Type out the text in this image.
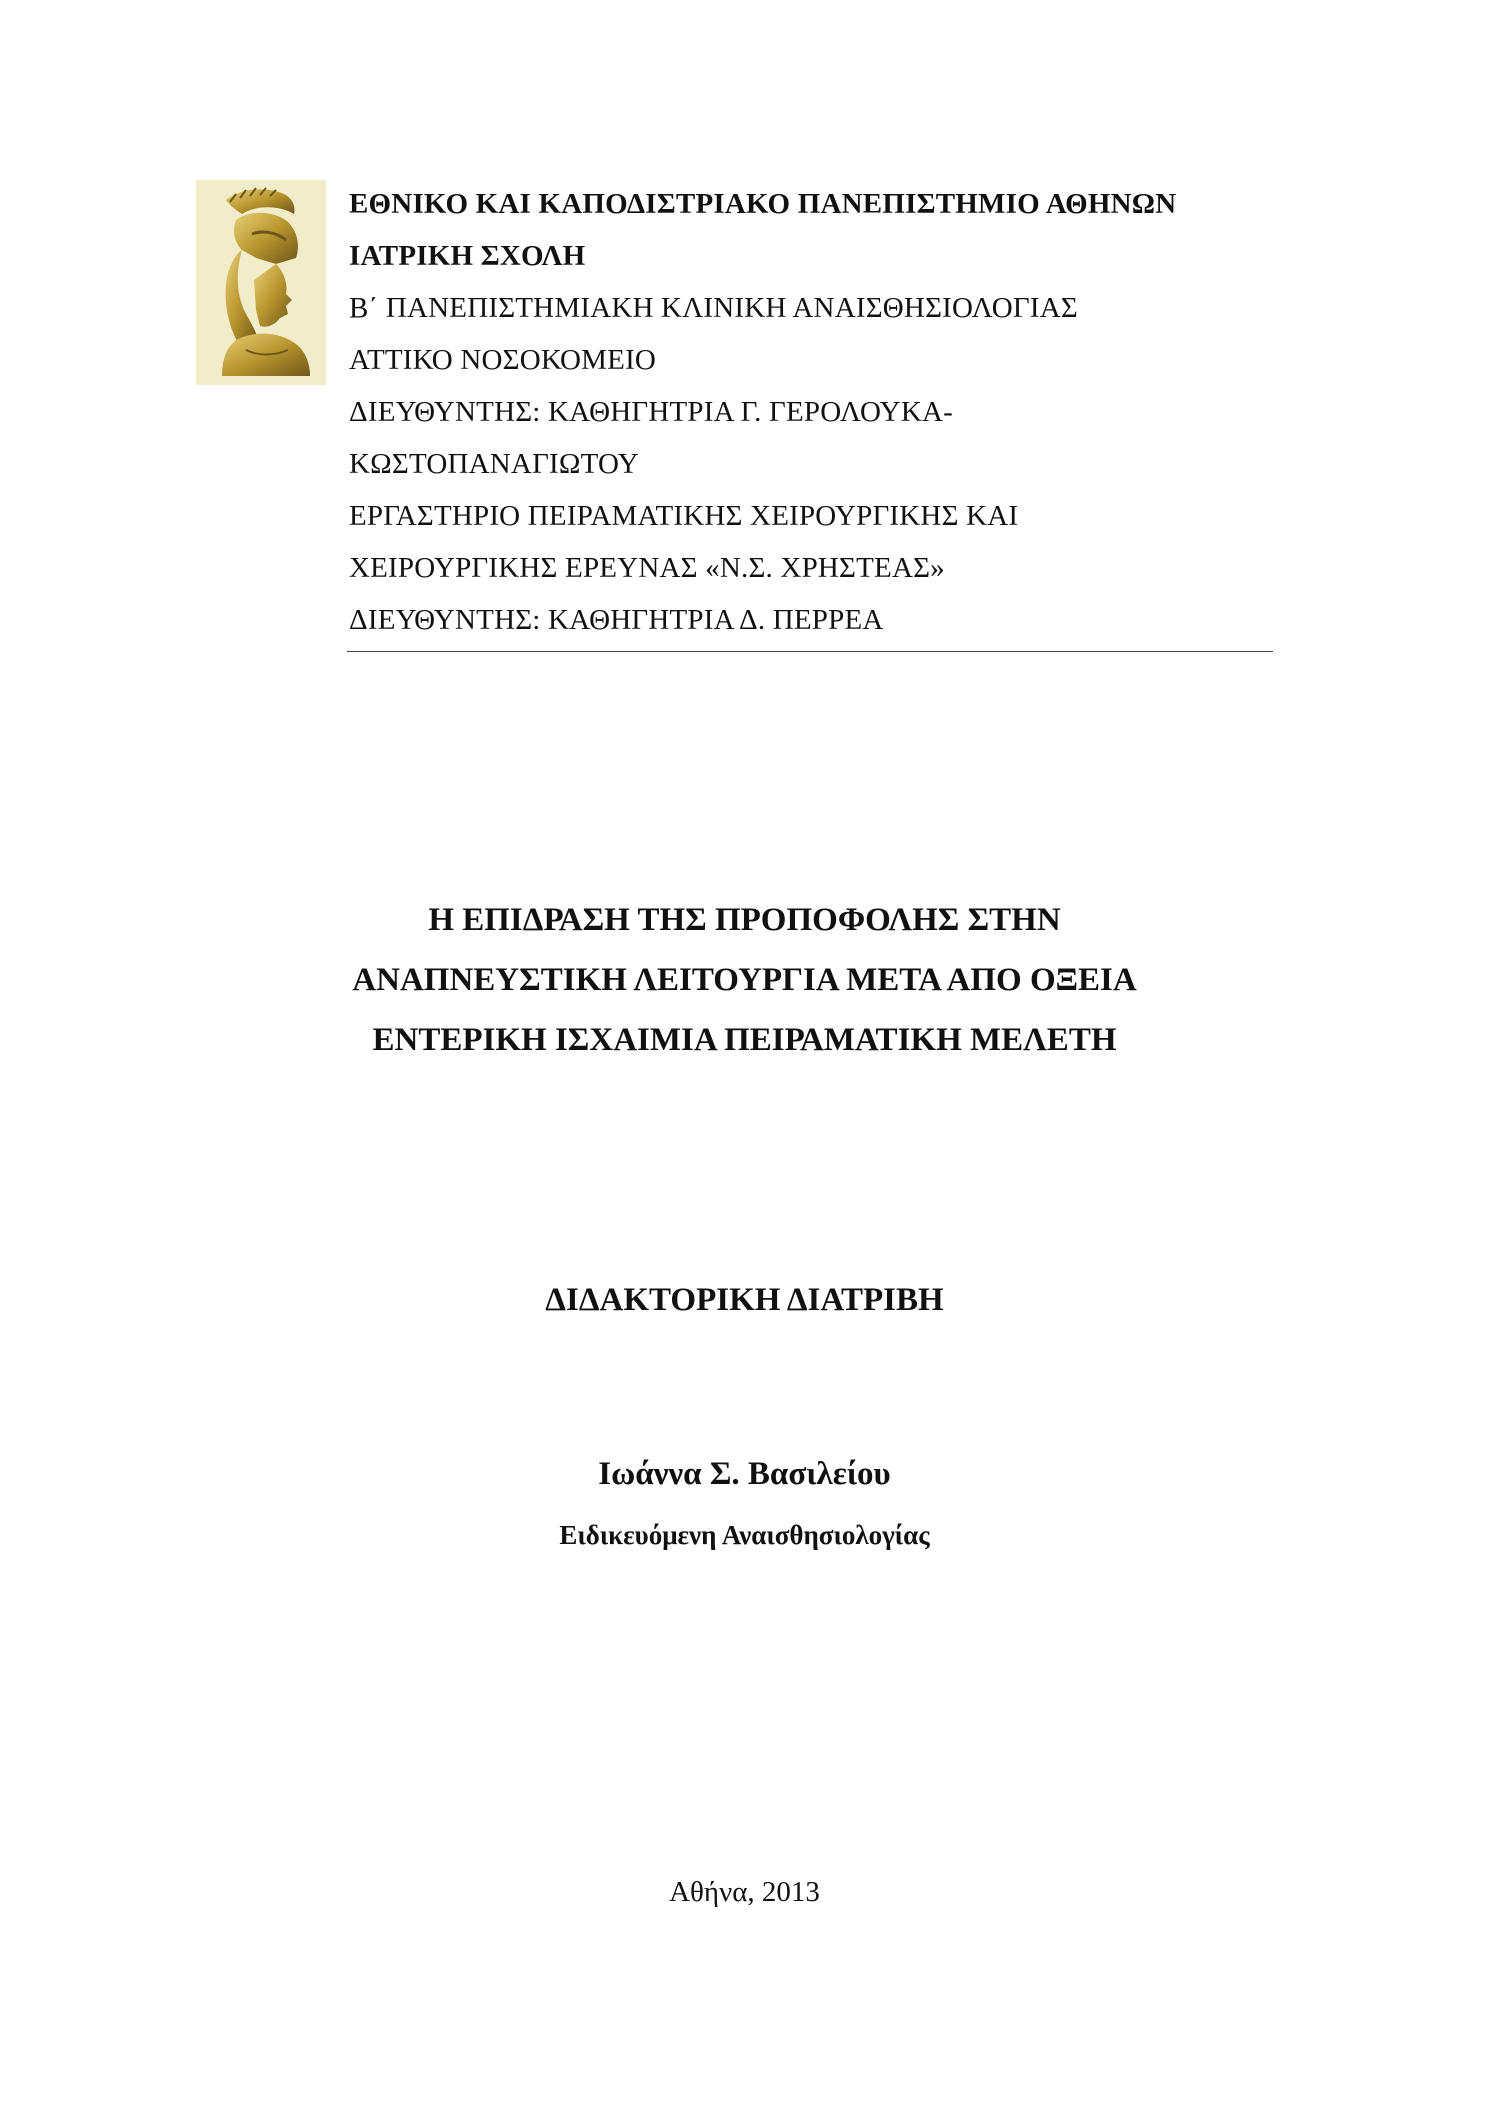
ΕΘΝΙΚΟ ΚΑΙ ΚΑΠΟΔΙΣΤΡΙΑΚΟ ΠΑΝΕΠΙΣΤΗΜΙΟ ΑΘΗΝΩΝ
ΙΑΤΡΙΚΗ ΣΧΟΛΗ
Β΄ ΠΑΝΕΠΙΣΤΗΜΙΑΚΗ ΚΛΙΝΙΚΗ ΑΝΑΙΣΘΗΣΙΟΛΟΓΙΑΣ
ΑΤΤΙΚΟ ΝΟΣΟΚΟΜΕΙΟ
ΔΙΕΥΘΥΝΤΗΣ: ΚΑΘΗΓΗΤΡΙΑ Γ. ΓΕΡΟΛΟΥΚΑ-
ΚΩΣΤΟΠΑΝΑΓΙΩΤΟΥ
ΕΡΓΑΣΤΗΡΙΟ ΠΕΙΡΑΜΑΤΙΚΗΣ ΧΕΙΡΟΥΡΓΙΚΗΣ ΚΑΙ
ΧΕΙΡΟΥΡΓΙΚΗΣ ΕΡΕΥΝΑΣ «Ν.Σ. ΧΡΗΣΤΕΑΣ»
ΔΙΕΥΘΥΝΤΗΣ: ΚΑΘΗΓΗΤΡΙΑ Δ. ΠΕΡΡΕΑ
Η ΕΠΙΔΡΑΣΗ ΤΗΣ ΠΡΟΠΟΦΟΛΗΣ ΣΤΗΝ
ΑΝΑΠΝΕΥΣΤΙΚΗ ΛΕΙΤΟΥΡΓΙΑ ΜΕΤΑ ΑΠΟ ΟΞΕΙΑ
ΕΝΤΕΡΙΚΗ ΙΣΧΑΙΜΙΑ ΠΕΙΡΑΜΑΤΙΚΗ ΜΕΛΕΤΗ
ΔΙΔΑΚΤΟΡΙΚΗ ΔΙΑΤΡΙΒΗ
Ιωάννα Σ. Βασιλείου
Ειδικευόμενη Αναισθησιολογίας
Αθήνα, 2013
